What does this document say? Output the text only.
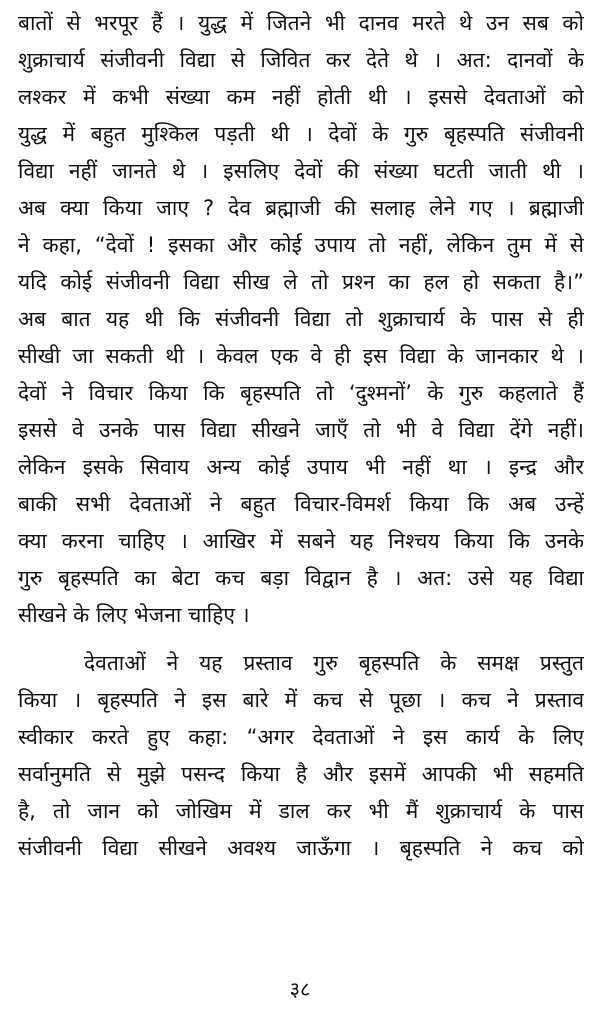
बातों से भरपूर हैं । युद्ध में जितने भी दानव मरते थे उन सब को
शुक्राचार्य संजीवनी विद्या से जिवित कर देते थे । अत: दानवों के
लश्कर में कभी संख्या कम नहीं होती थी । इससे देवताओं को
युद्ध में बहुत मुश्किल पड़ती थी । देवों के गुरु बृहस्पति संजीवनी
विद्या नहीं जानते थे । इसलिए देवों की संख्या घटती जाती थी ।
अब क्या किया जाए ? देव ब्रह्माजी की सलाह लेने गए । ब्रह्माजी
ने कहा, “देवों ! इसका और कोई उपाय तो नहीं, लेकिन तुम में से
यदि कोई संजीवनी विद्या सीख ले तो प्रश्‍न का हल हो सकता है।”
अब बात यह थी कि संजीवनी विद्या तो शुक्राचार्य के पास से ही
सीखी जा सकती थी । केवल एक वे ही इस विद्या के जानकार थे ।
देवों ने विचार किया कि बृहस्पति तो ‘दुश्मनों’ के गुरु कहलाते हैं
इससे वे उनके पास विद्या सीखने जाएँ तो भी वे विद्या देंगे नहीं।
लेकिन इसके सिवाय अन्य कोई उपाय भी नहीं था । इन्द्र और
बाकी सभी देवताओं ने बहुत विचार-विमर्श किया कि अब उन्हें
क्या करना चाहिए । आखिर में सबने यह निश्चय किया कि उनके
गुरु बृहस्पति का बेटा कच बड़ा विद्वान है । अत: उसे यह विद्या
सीखने के लिए भेजना चाहिए ।
देवताओं ने यह प्रस्ताव गुरु बृहस्पति के समक्ष प्रस्तुत
किया । बृहस्पति ने इस बारे में कच से पूछा । कच ने प्रस्ताव
स्वीकार करते हुए कहा: “अगर देवताओं ने इस कार्य के लिए
सर्वानुमति से मुझे पसन्द किया है और इसमें आपकी भी सहमति
है, तो जान को जोखिम में डाल कर भी मैं शुक्राचार्य के पास
संजीवनी विद्या सीखने अवश्य जाऊँगा । बृहस्पति ने कच को
३८
